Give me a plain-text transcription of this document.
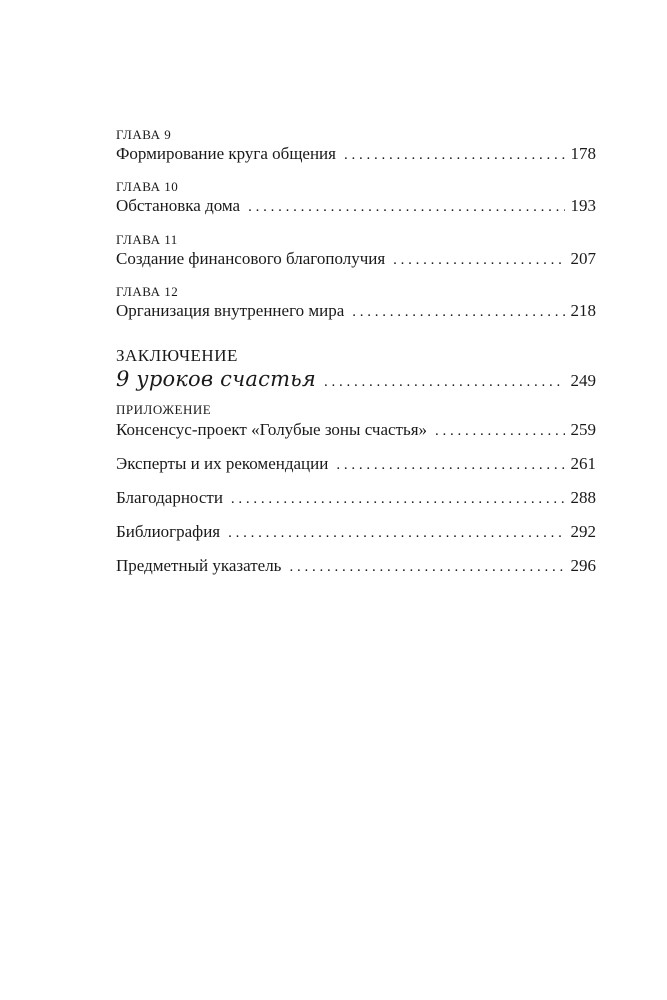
ГЛАВА 9
Формирование круга общения . . .	178
ГЛАВА 10
Обстановка дома . . .	193
ГЛАВА 11
Создание финансового благополучия . . .	207
ГЛАВА 12
Организация внутреннего мира . . .	218
ЗАКЛЮЧЕНИЕ
9 уроков счастья . . .	249
ПРИЛОЖЕНИЕ
Консенсус-проект «Голубые зоны счастья» . . .	259
Эксперты и их рекомендации . . .	261
Благодарности . . .	288
Библиография . . .	292
Предметный указатель . . .	296
